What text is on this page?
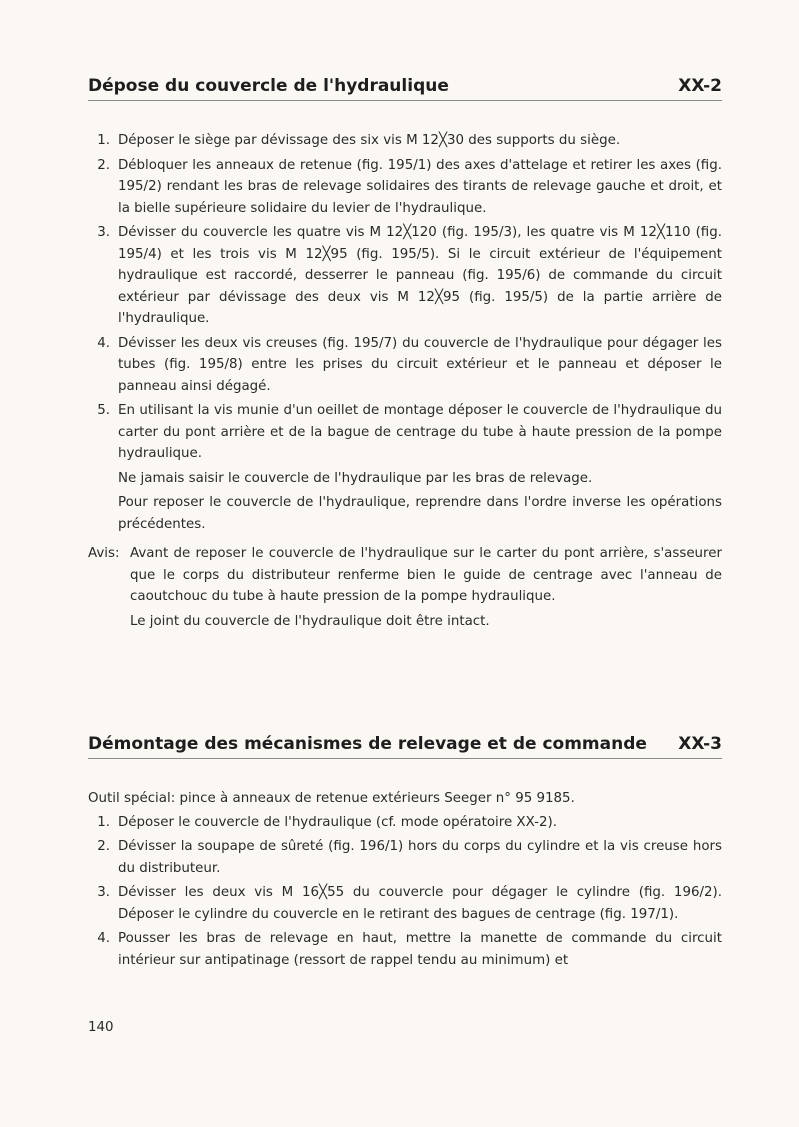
Dépose du couvercle de l'hydraulique	XX-2
1. Déposer le siège par dévissage des six vis M 12╳30 des supports du siège.
2. Débloquer les anneaux de retenue (fig. 195/1) des axes d'attelage et retirer les axes (fig. 195/2) rendant les bras de relevage solidaires des tirants de relevage gauche et droit, et la bielle supérieure solidaire du levier de l'hydraulique.
3. Dévisser du couvercle les quatre vis M 12╳120 (fig. 195/3), les quatre vis M 12╳110 (fig. 195/4) et les trois vis M 12╳95 (fig. 195/5). Si le circuit extérieur de l'équipement hydraulique est raccordé, desserrer le panneau (fig. 195/6) de commande du circuit extérieur par dévissage des deux vis M 12╳95 (fig. 195/5) de la partie arrière de l'hydraulique.
4. Dévisser les deux vis creuses (fig. 195/7) du couvercle de l'hydraulique pour dégager les tubes (fig. 195/8) entre les prises du circuit extérieur et le panneau et déposer le panneau ainsi dégagé.
5. En utilisant la vis munie d'un oeillet de montage déposer le couvercle de l'hydraulique du carter du pont arrière et de la bague de centrage du tube à haute pression de la pompe hydraulique.
Ne jamais saisir le couvercle de l'hydraulique par les bras de relevage.
Pour reposer le couvercle de l'hydraulique, reprendre dans l'ordre inverse les opérations précédentes.
Avis: Avant de reposer le couvercle de l'hydraulique sur le carter du pont arrière, s'asseurer que le corps du distributeur renferme bien le guide de centrage avec l'anneau de caoutchouc du tube à haute pression de la pompe hydraulique.

Le joint du couvercle de l'hydraulique doit être intact.

Démontage des mécanismes de relevage et de commande XX-3
Outil spécial: pince à anneaux de retenue extérieurs Seeger n° 95 9185.
1. Déposer le couvercle de l'hydraulique (cf. mode opératoire XX-2).
2. Dévisser la soupape de sûreté (fig. 196/1) hors du corps du cylindre et la vis creuse hors du distributeur.
3. Dévisser les deux vis M 16╳55 du couvercle pour dégager le cylindre (fig. 196/2). Déposer le cylindre du couvercle en le retirant des bagues de centrage (fig. 197/1).
4. Pousser les bras de relevage en haut, mettre la manette de commande du circuit intérieur sur antipatinage (ressort de rappel tendu au minimum) et
140
